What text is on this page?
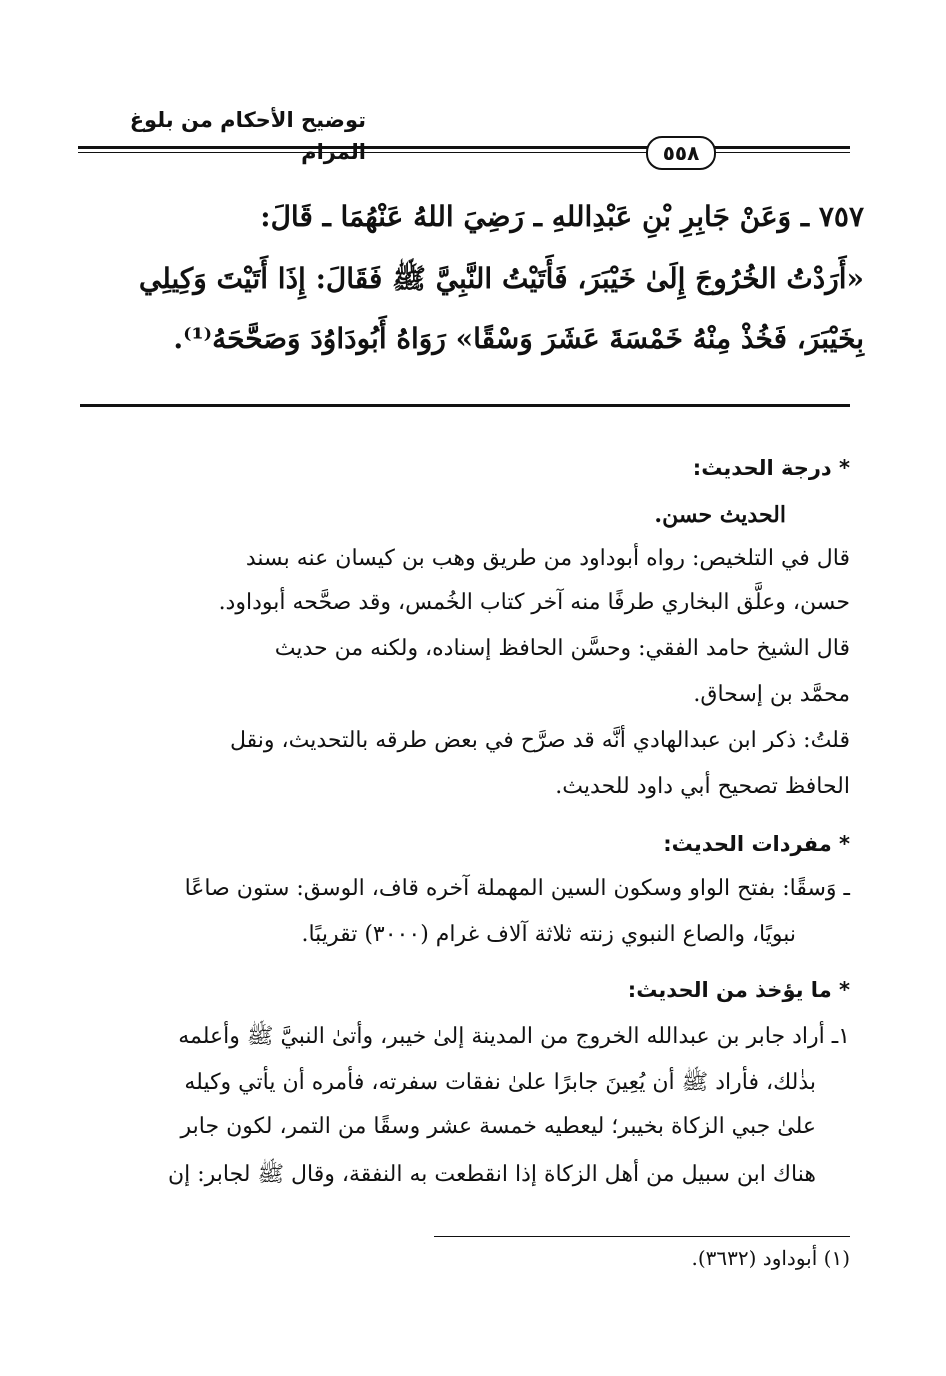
توضيح الأحكام من بلوغ المرام	٥٥٨
٧٥٧ ـ وَعَنْ جَابِرِ بْنِ عَبْدِاللهِ ـ رَضِيَ اللهُ عَنْهُمَا ـ قَالَ:
«أَرَدْتُ الخُرُوجَ إِلَىٰ خَيْبَرَ، فَأَتَيْتُ النَّبِيَّ ﷺ فَقَالَ: إِذَا أَتَيْتَ وَكِيلِي
بِخَيْبَرَ، فَخُذْ مِنْهُ خَمْسَةَ عَشَرَ وَسْقًا» رَوَاهُ أَبُودَاوُدَ وَصَحَّحَهُ⁽¹⁾.
* درجة الحديث:
الحديث حسن.
قال في التلخيص: رواه أبوداود من طريق وهب بن كيسان عنه بسند
حسن، وعلَّق البخاري طرفًا منه آخر كتاب الخُمس، وقد صحَّحه أبوداود.
قال الشيخ حامد الفقي: وحسَّن الحافظ إسناده، ولكنه من حديث
محمَّد بن إسحاق.
قلتُ: ذكر ابن عبدالهادي أنَّه قد صرَّح في بعض طرقه بالتحديث، ونقل
الحافظ تصحيح أبي داود للحديث.
* مفردات الحديث:
ـ وَسقًا: بفتح الواو وسكون السين المهملة آخره قاف، الوسق: ستون صاعًا
نبويًا، والصاع النبوي زنته ثلاثة آلاف غرام (٣٠٠٠) تقريبًا.
* ما يؤخذ من الحديث:
١ـ أراد جابر بن عبدالله الخروج من المدينة إلىٰ خيبر، وأتىٰ النبيَّ ﷺ وأعلمه
بذٰلك، فأراد ﷺ أن يُعِينَ جابرًا علىٰ نفقات سفرته، فأمره أن يأتي وكيله
علىٰ جبي الزكاة بخيبر؛ ليعطيه خمسة عشر وسقًا من التمر، لكون جابر
هناك ابن سبيل من أهل الزكاة إذا انقطعت به النفقة، وقال ﷺ لجابر: إن
(١) أبوداود (٣٦٣٢).
